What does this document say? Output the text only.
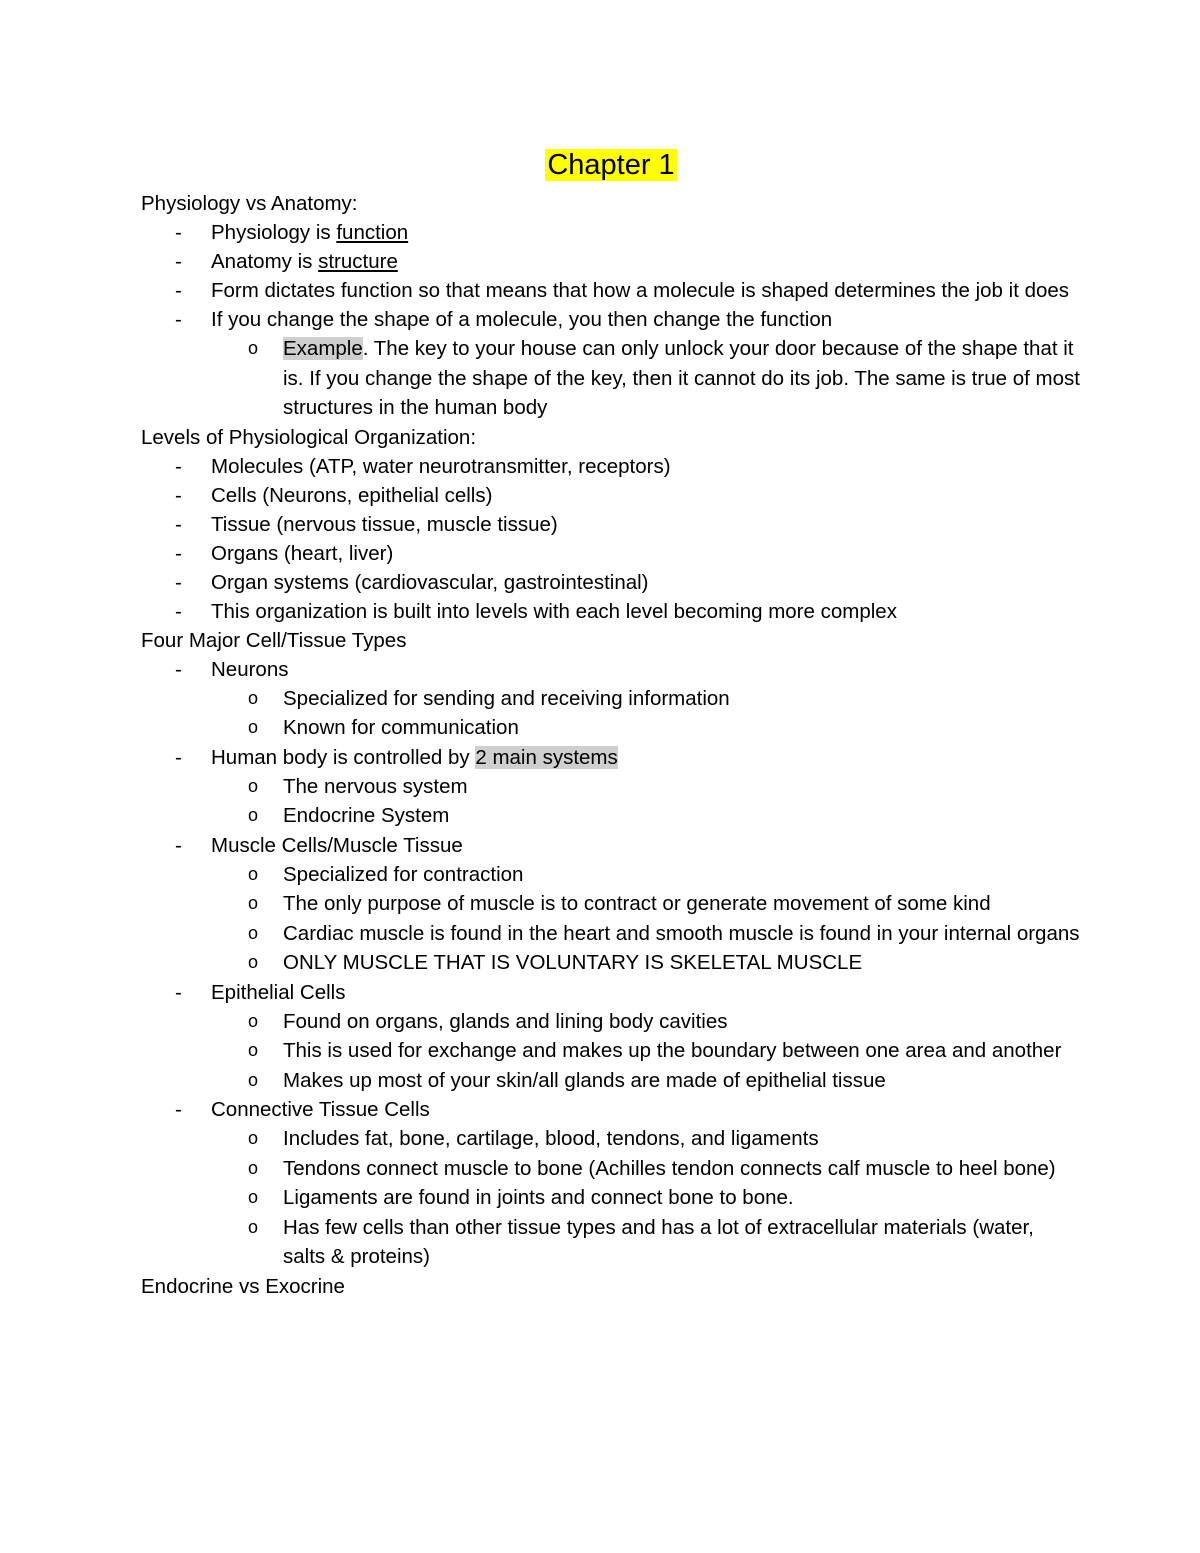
Chapter 1
Physiology vs Anatomy:
- Physiology is function
- Anatomy is structure
- Form dictates function so that means that how a molecule is shaped determines the job it does
- If you change the shape of a molecule, you then change the function
o Example. The key to your house can only unlock your door because of the shape that it is. If you change the shape of the key, then it cannot do its job. The same is true of most structures in the human body
Levels of Physiological Organization:
- Molecules (ATP, water neurotransmitter, receptors)
- Cells (Neurons, epithelial cells)
- Tissue (nervous tissue, muscle tissue)
- Organs (heart, liver)
- Organ systems (cardiovascular, gastrointestinal)
- This organization is built into levels with each level becoming more complex
Four Major Cell/Tissue Types
- Neurons
o Specialized for sending and receiving information
o Known for communication
- Human body is controlled by 2 main systems
o The nervous system
o Endocrine System
- Muscle Cells/Muscle Tissue
o Specialized for contraction
o The only purpose of muscle is to contract or generate movement of some kind
o Cardiac muscle is found in the heart and smooth muscle is found in your internal organs
o ONLY MUSCLE THAT IS VOLUNTARY IS SKELETAL MUSCLE
- Epithelial Cells
o Found on organs, glands and lining body cavities
o This is used for exchange and makes up the boundary between one area and another
o Makes up most of your skin/all glands are made of epithelial tissue
- Connective Tissue Cells
o Includes fat, bone, cartilage, blood, tendons, and ligaments
o Tendons connect muscle to bone (Achilles tendon connects calf muscle to heel bone)
o Ligaments are found in joints and connect bone to bone.
o Has few cells than other tissue types and has a lot of extracellular materials (water, salts & proteins)
Endocrine vs Exocrine
